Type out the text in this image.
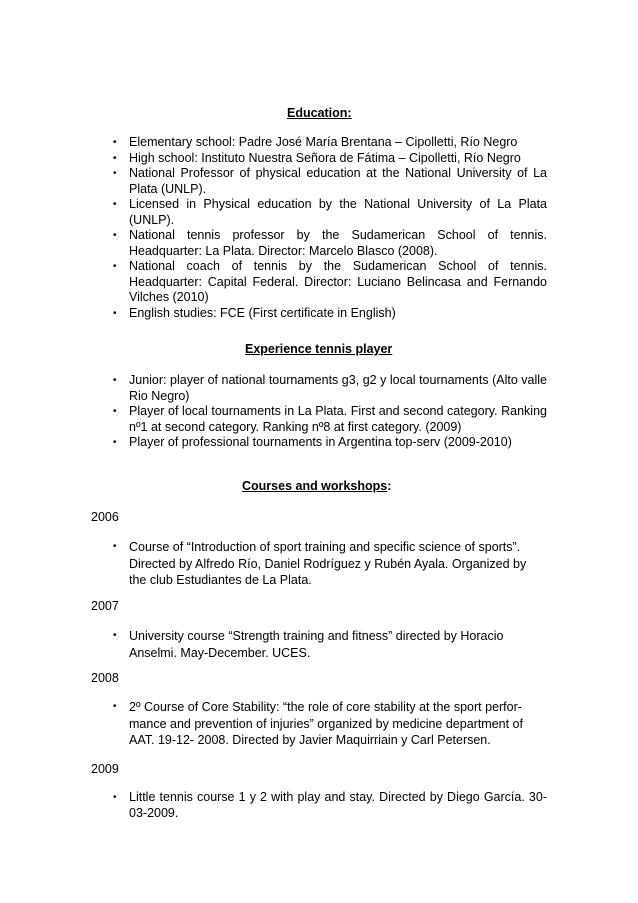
Education:
•
Elementary school: Padre José María Brentana – Cipolletti, Río Negro
•
High school: Instituto Nuestra Señora de Fátima – Cipolletti, Río Negro
•
National Professor of physical education at the National University of La Plata (UNLP).
•
Licensed in Physical education by the National University of La Plata (UNLP).
•
National tennis professor by the Sudamerican School of tennis. Headquarter: La Plata. Director: Marcelo Blasco (2008).
•
National coach of tennis by the Sudamerican School of tennis. Headquarter: Capital Federal. Director: Luciano Belincasa and Fernando Vilches (2010)
•
English studies: FCE (First certificate in English)
Experience tennis player
•
Junior: player of national tournaments g3, g2 y local tournaments (Alto valle Rio Negro)
•
Player of local tournaments in La Plata. First and second category. Ranking nº1 at second category. Ranking nº8 at first category. (2009)
•
Player of professional tournaments in Argentina top-serv (2009-2010)
Courses and workshops:
2006
•
Course of “Introduction of sport training and specific science of sports”. Directed by Alfredo Río, Daniel Rodríguez y Rubén Ayala. Organized by the club Estudiantes de La Plata.
2007
•
University course “Strength training and fitness” directed by Horacio Anselmi. May-December. UCES.
2008
•
2º Course of Core Stability: “the role of core stability at the sport perfor-mance and prevention of injuries” organized by medicine department of AAT. 19-12- 2008. Directed by Javier Maquirriain y Carl Petersen.
2009
•
Little tennis course 1 y 2 with play and stay. Directed by Diego García. 30-03-2009.
